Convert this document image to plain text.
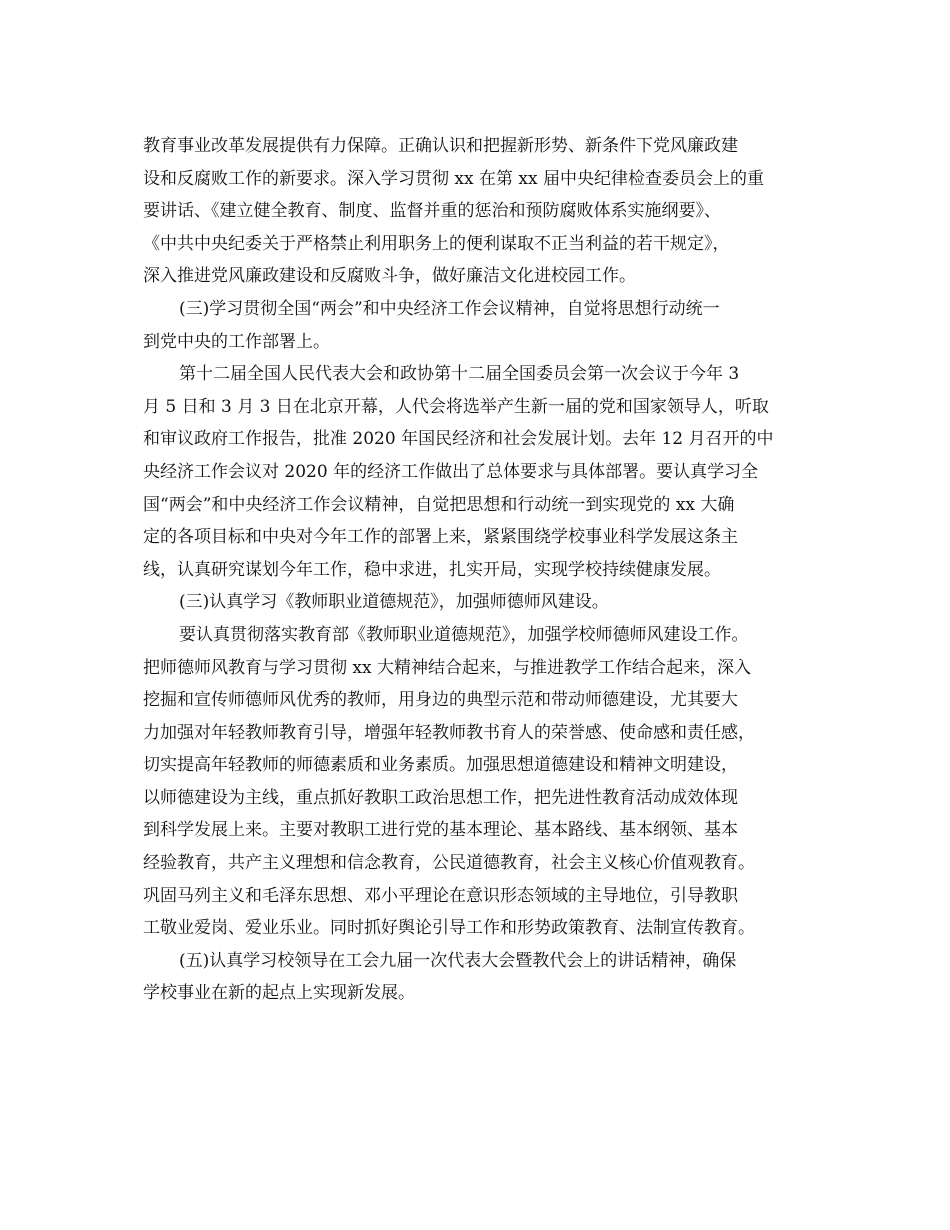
教育事业改革发展提供有力保障。正确认识和把握新形势、新条件下党风廉政建
设和反腐败工作的新要求。深入学习贯彻 xx 在第 xx 届中央纪律检查委员会上的重
要讲话、《建立健全教育、制度、监督并重的惩治和预防腐败体系实施纲要》、
《中共中央纪委关于严格禁止利用职务上的便利谋取不正当利益的若干规定》，
深入推进党风廉政建设和反腐败斗争，做好廉洁文化进校园工作。
(三)学习贯彻全国“两会”和中央经济工作会议精神，自觉将思想行动统一
到党中央的工作部署上。
第十二届全国人民代表大会和政协第十二届全国委员会第一次会议于今年 3
月 5 日和 3 月 3 日在北京开幕，人代会将选举产生新一届的党和国家领导人，听取
和审议政府工作报告，批准 2020 年国民经济和社会发展计划。去年 12 月召开的中
央经济工作会议对 2020 年的经济工作做出了总体要求与具体部署。要认真学习全
国“两会”和中央经济工作会议精神，自觉把思想和行动统一到实现党的 xx 大确
定的各项目标和中央对今年工作的部署上来，紧紧围绕学校事业科学发展这条主
线，认真研究谋划今年工作，稳中求进，扎实开局，实现学校持续健康发展。
(三)认真学习《教师职业道德规范》，加强师德师风建设。
要认真贯彻落实教育部《教师职业道德规范》，加强学校师德师风建设工作。
把师德师风教育与学习贯彻 xx 大精神结合起来，与推进教学工作结合起来，深入
挖掘和宣传师德师风优秀的教师，用身边的典型示范和带动师德建设，尤其要大
力加强对年轻教师教育引导，增强年轻教师教书育人的荣誉感、使命感和责任感，
切实提高年轻教师的师德素质和业务素质。加强思想道德建设和精神文明建设，
以师德建设为主线，重点抓好教职工政治思想工作，把先进性教育活动成效体现
到科学发展上来。主要对教职工进行党的基本理论、基本路线、基本纲领、基本
经验教育，共产主义理想和信念教育，公民道德教育，社会主义核心价值观教育。
巩固马列主义和毛泽东思想、邓小平理论在意识形态领域的主导地位，引导教职
工敬业爱岗、爱业乐业。同时抓好舆论引导工作和形势政策教育、法制宣传教育。
(五)认真学习校领导在工会九届一次代表大会暨教代会上的讲话精神，确保
学校事业在新的起点上实现新发展。
